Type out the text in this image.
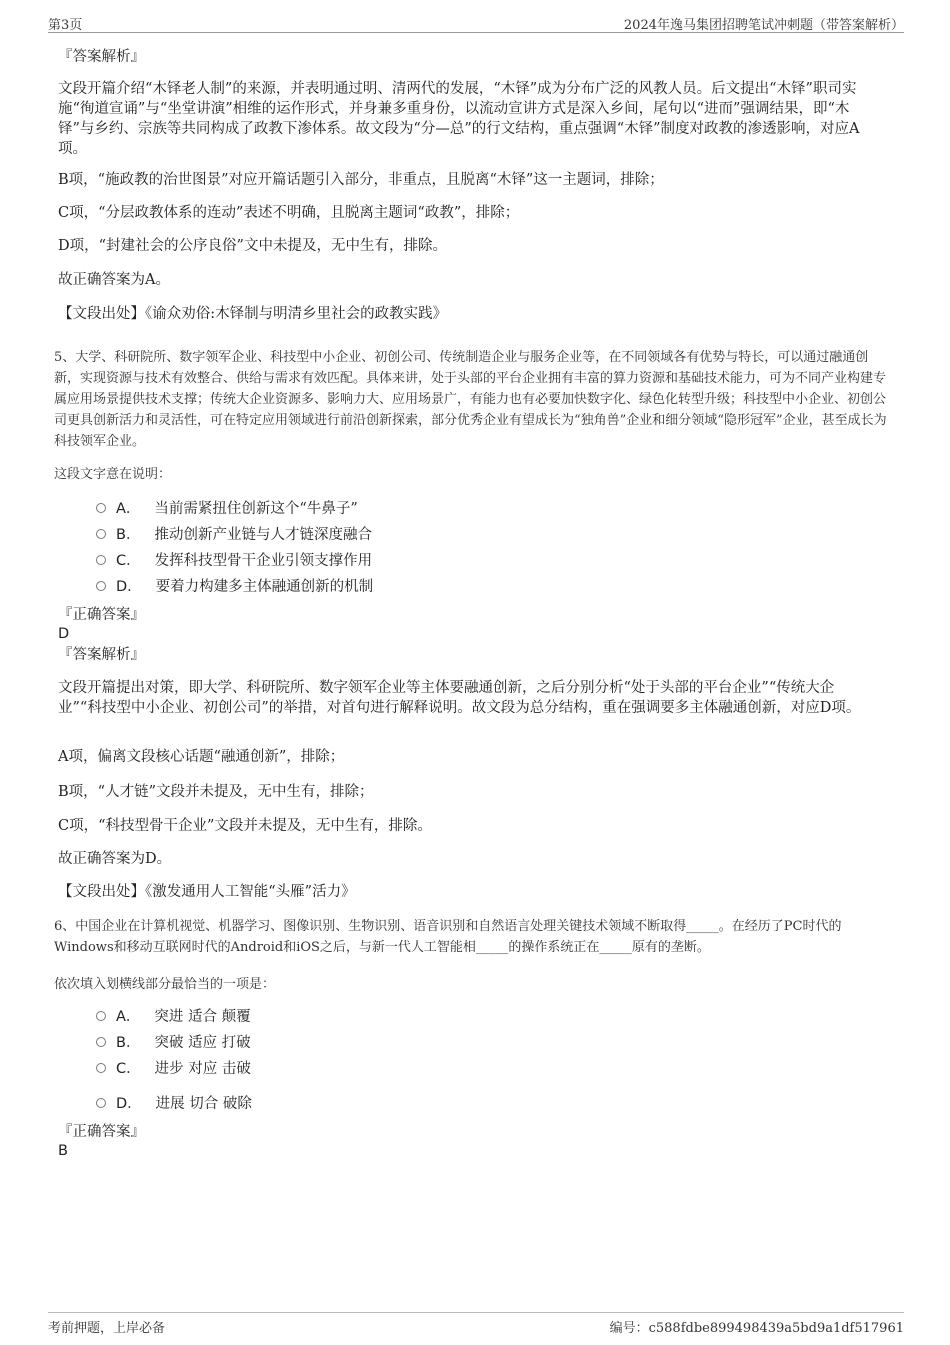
第3页	2024年逸马集团招聘笔试冲刺题（带答案解析）
『答案解析』

文段开篇介绍“木铎老人制”的来源，并表明通过明、清两代的发展，“木铎”成为分布广泛的风教人员。后文提出“木铎”职司实施“徇道宣诵”与“坐堂讲演”相维的运作形式，并身兼多重身份，以流动宣讲方式是深入乡间，尾句以“进而”强调结果，即“木铎”与乡约、宗族等共同构成了政教下渗体系。故文段为“分—总”的行文结构，重点强调“木铎”制度对政教的渗透影响，对应A项。

B项，“施政教的治世图景”对应开篇话题引入部分，非重点，且脱离“木铎”这一主题词，排除；
C项，“分层政教体系的连动”表述不明确，且脱离主题词“政教”，排除；
D项，“封建社会的公序良俗”文中未提及，无中生有，排除。
故正确答案为A。
【文段出处】《谕众劝俗:木铎制与明清乡里社会的政教实践》

5、大学、科研院所、数字领军企业、科技型中小企业、初创公司、传统制造企业与服务企业等，在不同领域各有优势与特长，可以通过融通创新，实现资源与技术有效整合、供给与需求有效匹配。具体来讲，处于头部的平台企业拥有丰富的算力资源和基础技术能力，可为不同产业构建专属应用场景提供技术支撑；传统大企业资源多、影响力大、应用场景广，有能力也有必要加快数字化、绿色化转型升级；科技型中小企业、初创公司更具创新活力和灵活性，可在特定应用领域进行前沿创新探索，部分优秀企业有望成长为“独角兽”企业和细分领域“隐形冠军”企业，甚至成长为科技领军企业。

这段文字意在说明：
A． 当前需紧扭住创新这个“牛鼻子”
B． 推动创新产业链与人才链深度融合
C． 发挥科技型骨干企业引领支撑作用
D． 要着力构建多主体融通创新的机制
『正确答案』
D
『答案解析』

文段开篇提出对策，即大学、科研院所、数字领军企业等主体要融通创新，之后分别分析“处于头部的平台企业”“传统大企业”“科技型中小企业、初创公司”的举措，对首句进行解释说明。故文段为总分结构，重在强调要多主体融通创新，对应D项。

A项，偏离文段核心话题“融通创新”，排除；
B项，“人才链”文段并未提及，无中生有，排除；
C项，“科技型骨干企业”文段并未提及，无中生有，排除。
故正确答案为D。
【文段出处】《激发通用人工智能“头雁”活力》

6、中国企业在计算机视觉、机器学习、图像识别、生物识别、语音识别和自然语言处理关键技术领域不断取得_____。在经历了PC时代的Windows和移动互联网时代的Android和iOS之后，与新一代人工智能相_____的操作系统正在_____原有的垄断。

依次填入划横线部分最恰当的一项是：
A． 突进 适合 颠覆
B． 突破 适应 打破
C． 进步 对应 击破
D． 进展 切合 破除
『正确答案』
B
考前押题，上岸必备	编号：c588fdbe899498439a5bd9a1df517961
